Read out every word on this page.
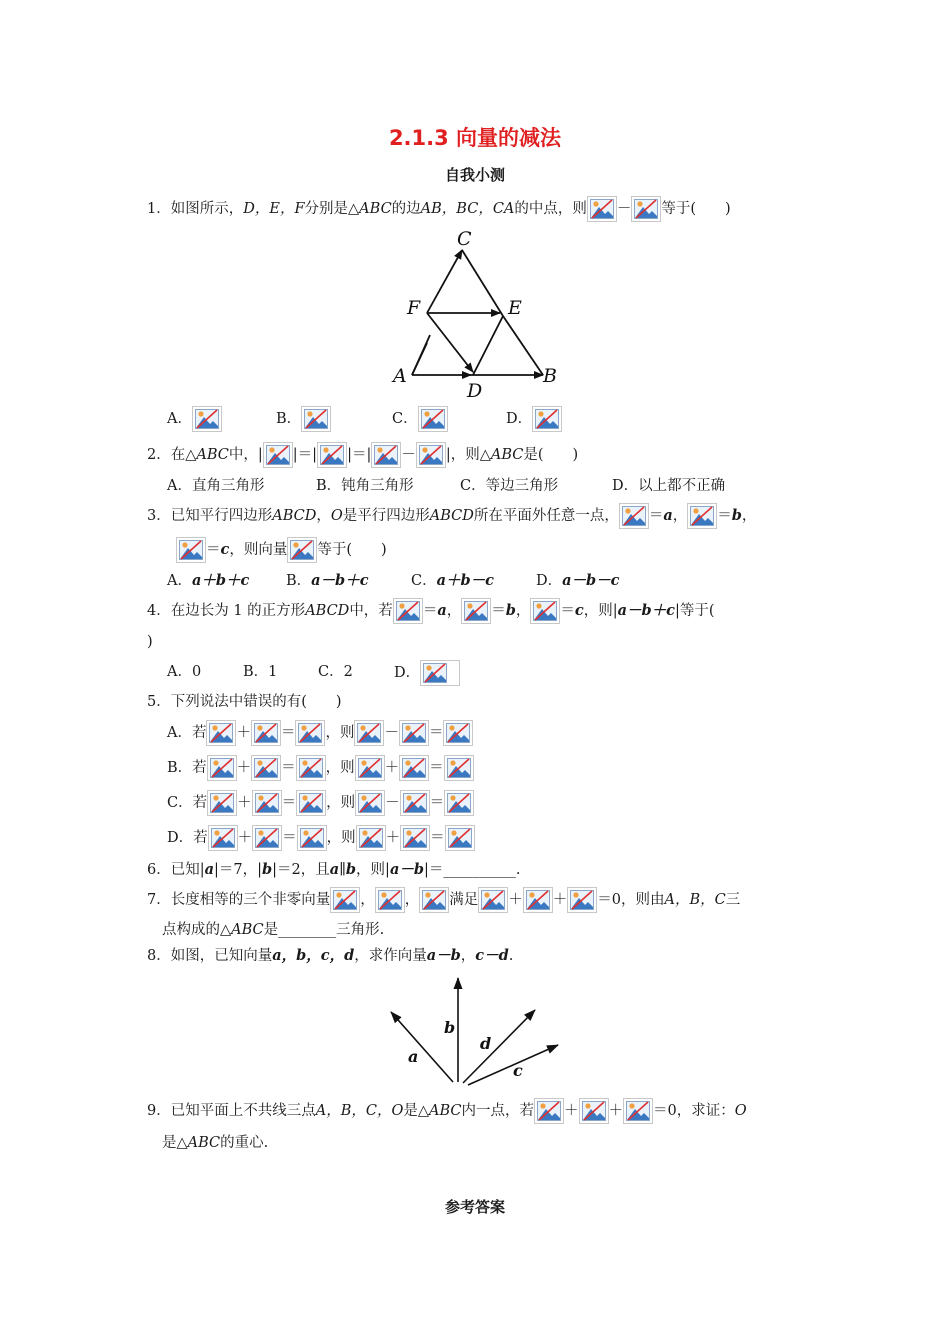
2.1.3 向量的减法
自我小测
1．如图所示，D，E，F分别是△ABC的边AB，BC，CA的中点，则 － 等于(　　)
C
F	E
A
D
B
A．	B．	C．	D．
2．在△ABC中，| |＝| |＝| － |，则△ABC是(　　)
A．直角三角形	B．钝角三角形	C．等边三角形	D．以上都不正确
3．已知平行四边形ABCD，O是平行四边形ABCD所在平面外任意一点， ＝a， ＝b，
＝c，则向量 等于(　　)
A．a＋b＋c	B．a－b＋c	C．a＋b－c	D．a－b－c
4．在边长为 1 的正方形ABCD中，若 ＝a， ＝b， ＝c，则|a－b＋c|等于(
)
A．0	B．1	C．2	D．
5．下列说法中错误的有(　　)
A．若 ＋ ＝ ，则 － ＝
B．若 ＋ ＝ ，则 ＋ ＝
C．若 ＋ ＝ ，则 － ＝
D．若 ＋ ＝ ，则 ＋ ＝
6．已知|a|＝7，|b|＝2，且a∥b，则|a－b|＝__________.
7．长度相等的三个非零向量 ， ， 满足 ＋ ＋ ＝0，则由A，B，C三
点构成的△ABC是________三角形.
8．如图，已知向量a，b，c，d，求作向量a－b，c－d.
a
b
d
c
9．已知平面上不共线三点A，B，C，O是△ABC内一点，若 ＋ ＋ ＝0，求证：O
是△ABC的重心.
参考答案
